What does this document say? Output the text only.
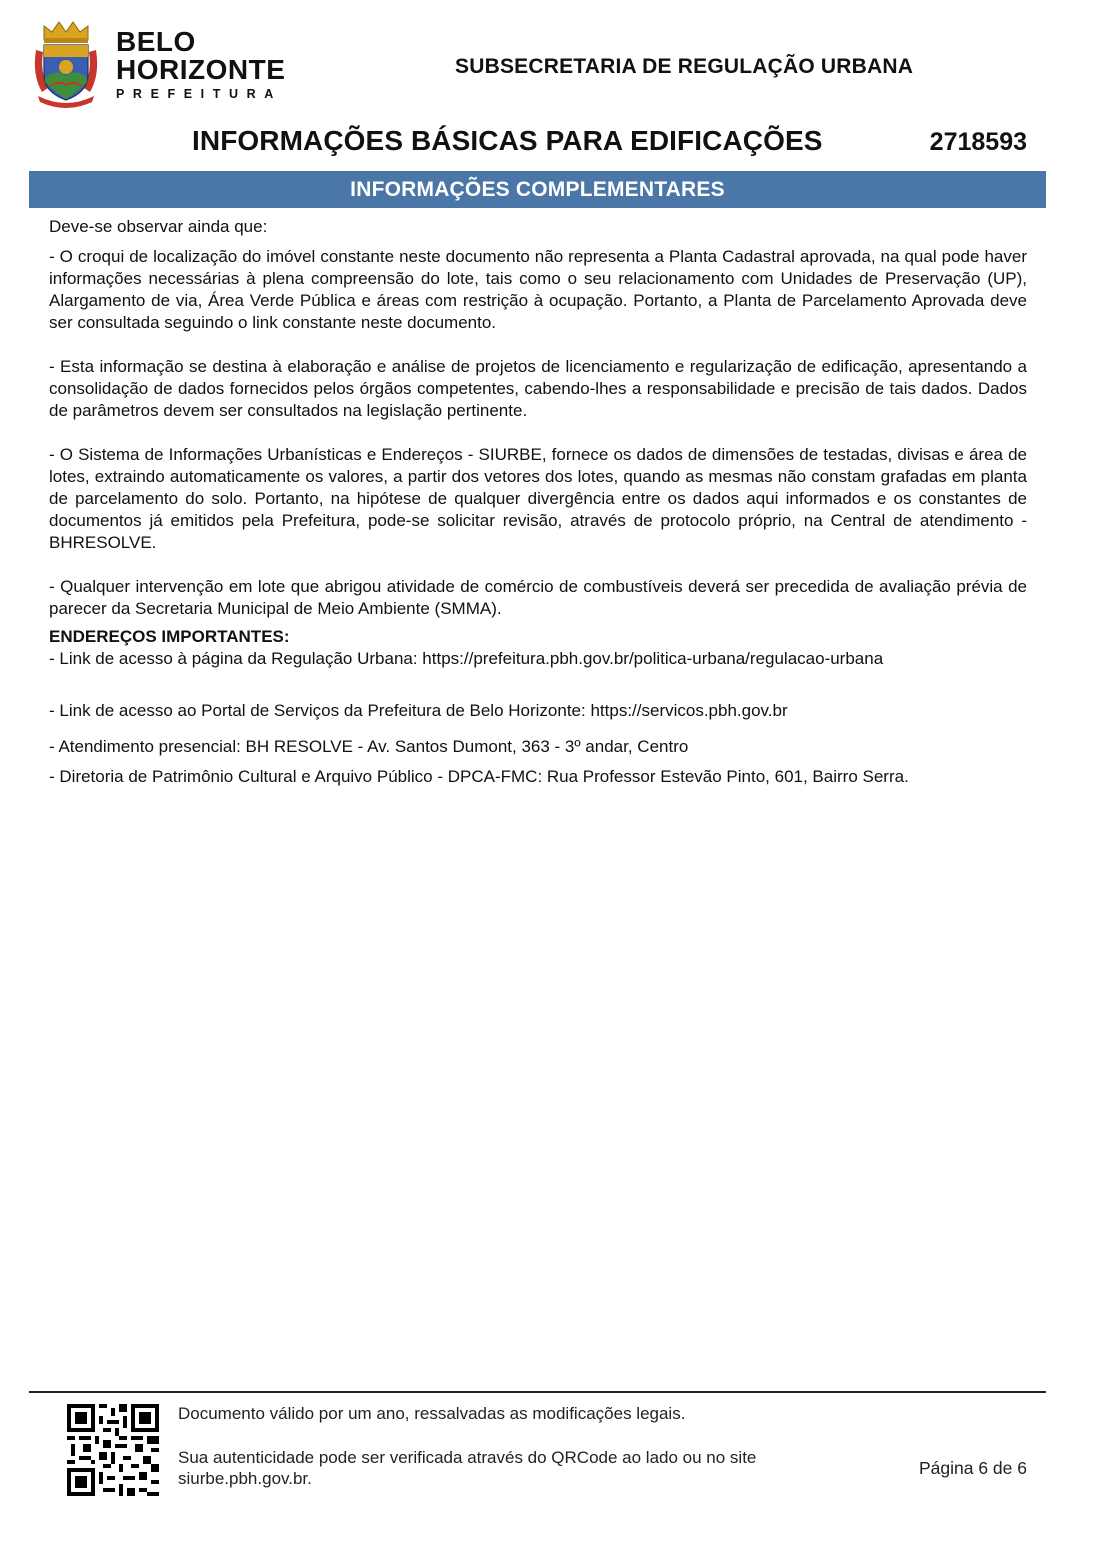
BELO
HORIZONTE
PREFEITURA
SUBSECRETARIA DE REGULAÇÃO URBANA
INFORMAÇÕES BÁSICAS PARA EDIFICAÇÕES	2718593
INFORMAÇÕES COMPLEMENTARES

Deve-se observar ainda que:

- O croqui de localização do imóvel constante neste documento não representa a Planta Cadastral aprovada, na qual pode haver informações necessárias à plena compreensão do lote, tais como o seu relacionamento com Unidades de Preservação (UP), Alargamento de via, Área Verde Pública e áreas com restrição à ocupação. Portanto, a Planta de Parcelamento Aprovada deve ser consultada seguindo o link constante neste documento.

- Esta informação se destina à elaboração e análise de projetos de licenciamento e regularização de edificação, apresentando a consolidação de dados fornecidos pelos órgãos competentes, cabendo-lhes a responsabilidade e precisão de tais dados. Dados de parâmetros devem ser consultados na legislação pertinente.

- O Sistema de Informações Urbanísticas e Endereços - SIURBE, fornece os dados de dimensões de testadas, divisas e área de lotes, extraindo automaticamente os valores, a partir dos vetores dos lotes, quando as mesmas não constam grafadas em planta de parcelamento do solo. Portanto, na hipótese de qualquer divergência entre os dados aqui informados e os constantes de documentos já emitidos pela Prefeitura, pode-se solicitar revisão, através de protocolo próprio, na Central de atendimento - BHRESOLVE.

- Qualquer intervenção em lote que abrigou atividade de comércio de combustíveis deverá ser precedida de avaliação prévia de parecer da Secretaria Municipal de Meio Ambiente (SMMA).

ENDEREÇOS IMPORTANTES:

- Link de acesso à página da Regulação Urbana: https://prefeitura.pbh.gov.br/politica-urbana/regulacao-urbana

- Link de acesso ao Portal de Serviços da Prefeitura de Belo Horizonte: https://servicos.pbh.gov.br

- Atendimento presencial: BH RESOLVE - Av. Santos Dumont, 363 - 3º andar, Centro

- Diretoria de Patrimônio Cultural e Arquivo Público - DPCA-FMC: Rua Professor Estevão Pinto, 601, Bairro Serra.

Documento válido por um ano, ressalvadas as modificações legais.
Sua autenticidade pode ser verificada através do QRCode ao lado ou no site siurbe.pbh.gov.br.
Página 6 de 6
